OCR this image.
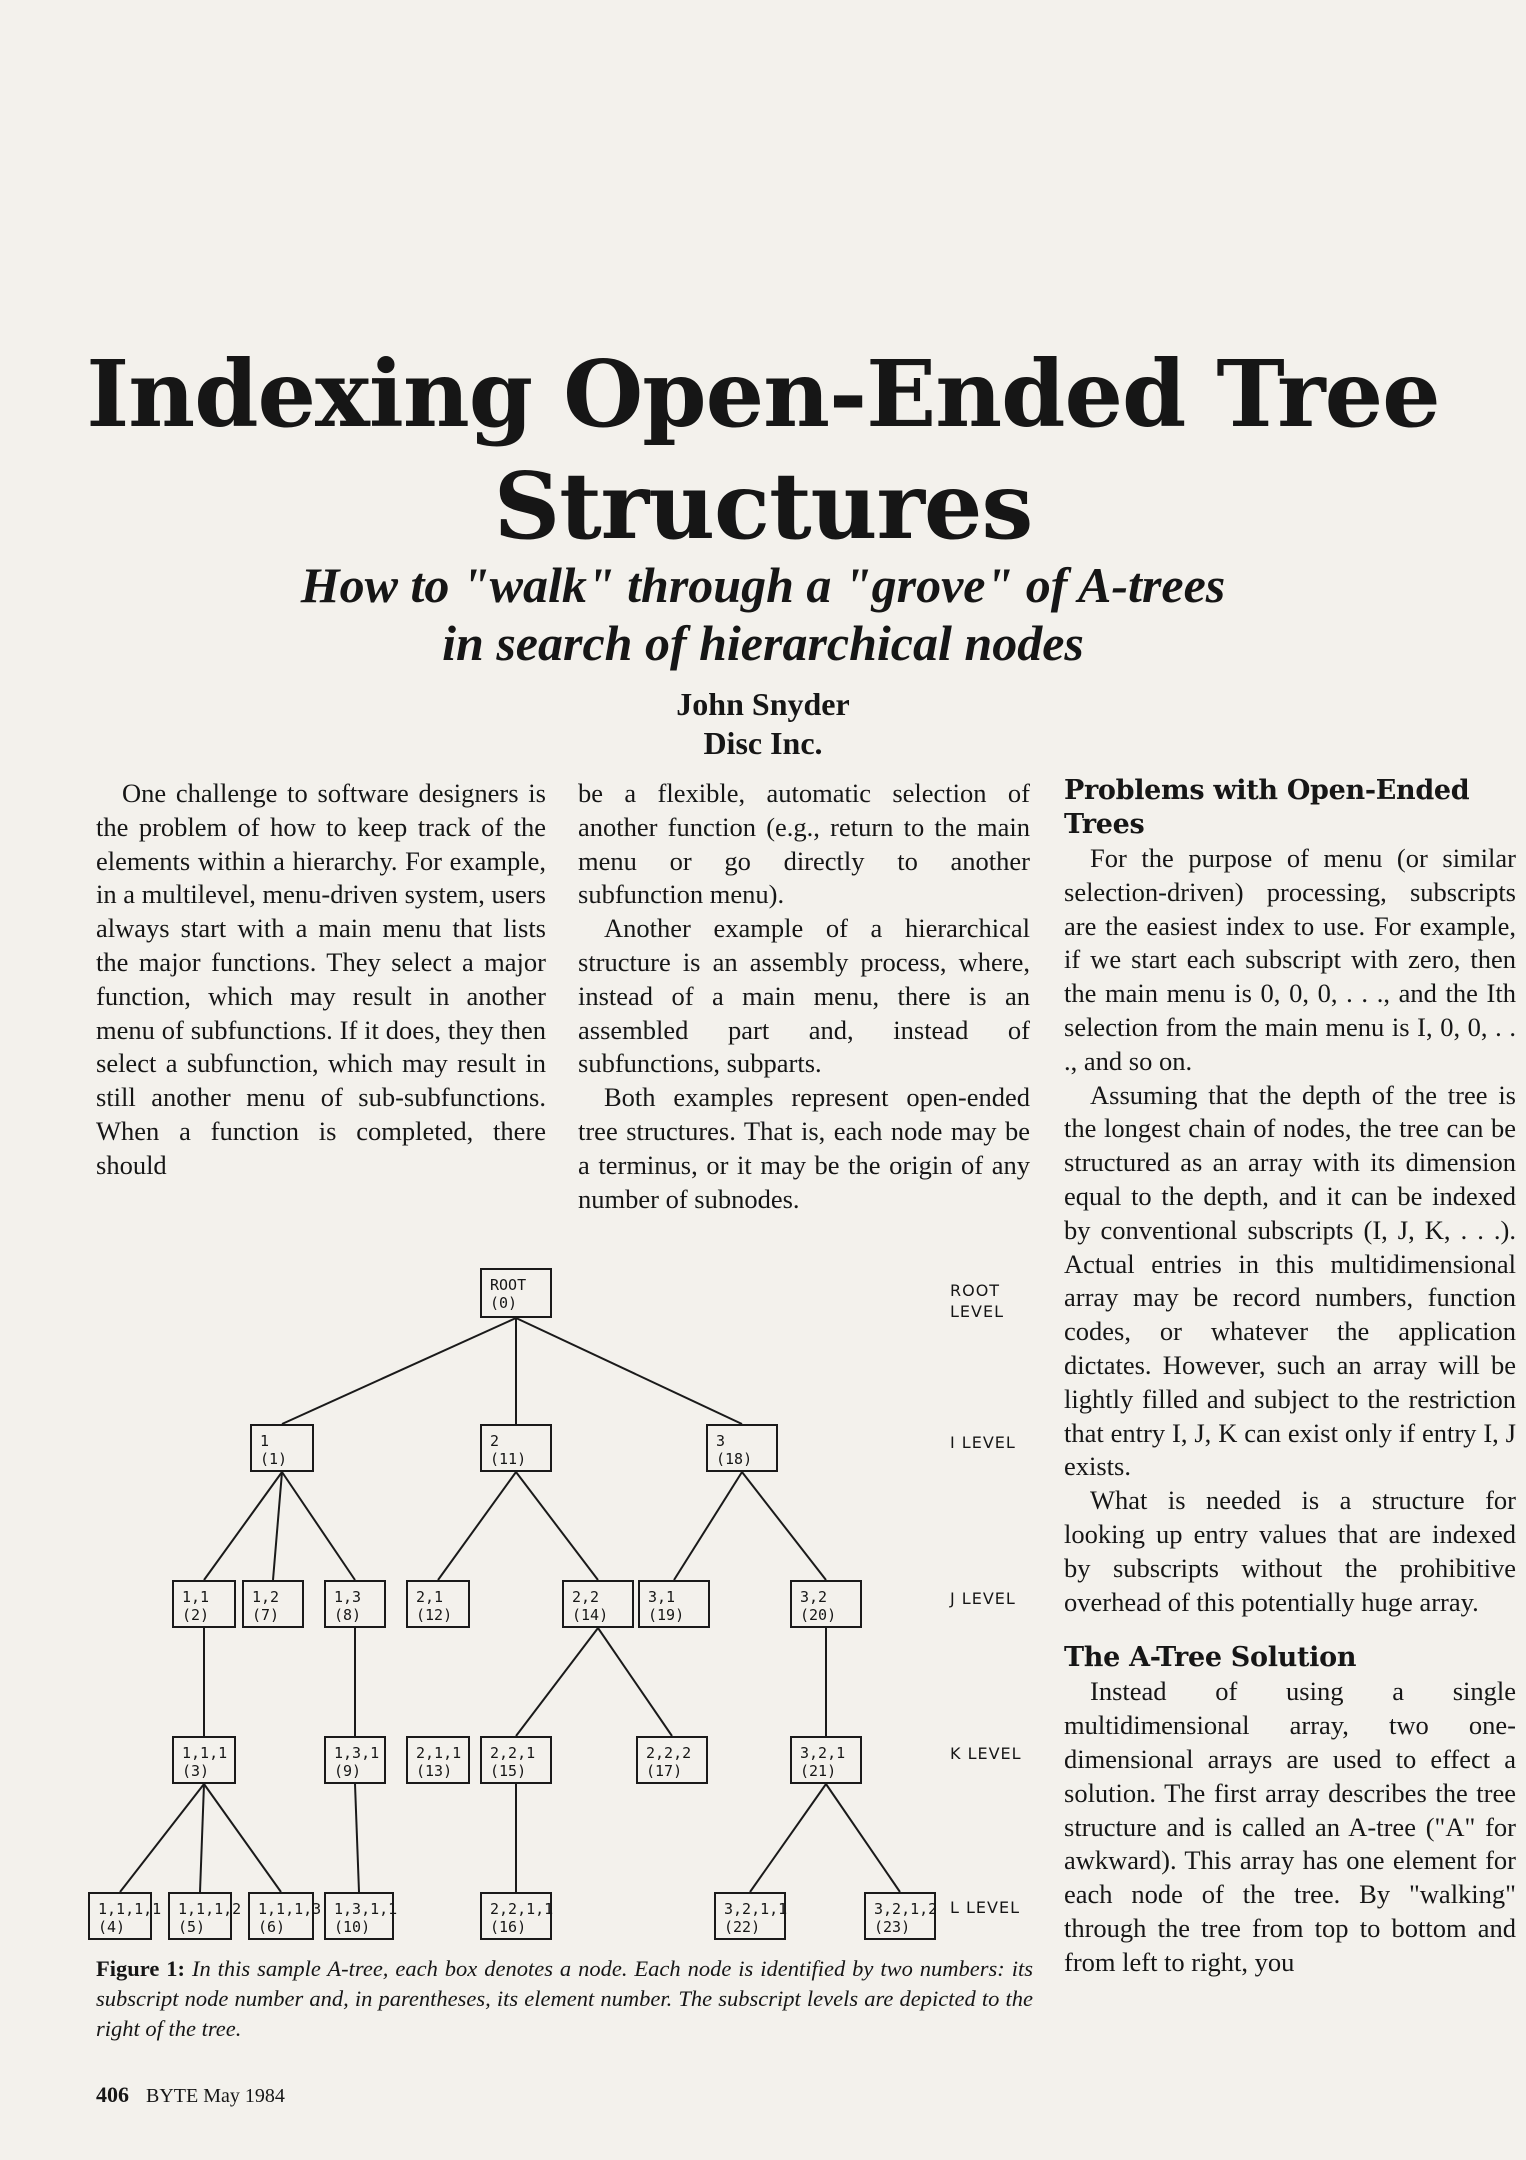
Indexing Open-Ended Tree
Structures
How to "walk" through a "grove" of A-trees
in search of hierarchical nodes
John Snyder
Disc Inc.

One challenge to software designers is the problem of how to keep track of the elements within a hierarchy. For example, in a multilevel, menu-driven system, users always start with a main menu that lists the major functions. They select a major function, which may result in another menu of subfunctions. If it does, they then select a subfunction, which may result in still another menu of sub-subfunctions. When a function is completed, there should

be a flexible, automatic selection of another function (e.g., return to the main menu or go directly to another subfunction menu).

Another example of a hierarchical structure is an assembly process, where, instead of a main menu, there is an assembled part and, instead of subfunctions, subparts.

Both examples represent open-ended tree structures. That is, each node may be a terminus, or it may be the origin of any number of subnodes.

Problems with Open-Ended Trees

For the purpose of menu (or similar selection-driven) processing, subscripts are the easiest index to use. For example, if we start each subscript with zero, then the main menu is 0, 0, 0, . . ., and the Ith selection from the main menu is I, 0, 0, . . ., and so on.

Assuming that the depth of the tree is the longest chain of nodes, the tree can be structured as an array with its dimension equal to the depth, and it can be indexed by conventional subscripts (I, J, K, . . .). Actual entries in this multidimensional array may be record numbers, function codes, or whatever the application dictates. However, such an array will be lightly filled and subject to the restriction that entry I, J, K can exist only if entry I, J exists.

What is needed is a structure for looking up entry values that are indexed by subscripts without the prohibitive overhead of this potentially huge array.

The A-Tree Solution

Instead of using a single multidimensional array, two one-dimensional arrays are used to effect a solution. The first array describes the tree structure and is called an A-tree ("A" for awkward). This array has one element for each node of the tree. By "walking" through the tree from top to bottom and from left to right, you

ROOT
(0)
1
(1)
2
(11)
3
(18)
1,1
(2)
1,2
(7)
1,3
(8)
2,1
(12)
2,2
(14)
3,1
(19)
3,2
(20)
1,1,1
(3)
1,3,1
(9)
2,1,1
(13)
2,2,1
(15)
2,2,2
(17)
3,2,1
(21)
1,1,1,1
(4)
1,1,1,2
(5)
1,1,1,3
(6)
1,3,1,1
(10)
2,2,1,1
(16)
3,2,1,1
(22)
3,2,1,2
(23)
ROOT
LEVEL
I LEVEL
J LEVEL
K LEVEL
L LEVEL
Figure 1: In this sample A-tree, each box denotes a node. Each node is identified by two numbers: its subscript node number and, in parentheses, its element number. The subscript levels are depicted to the right of the tree.
406 BYTE May 1984
